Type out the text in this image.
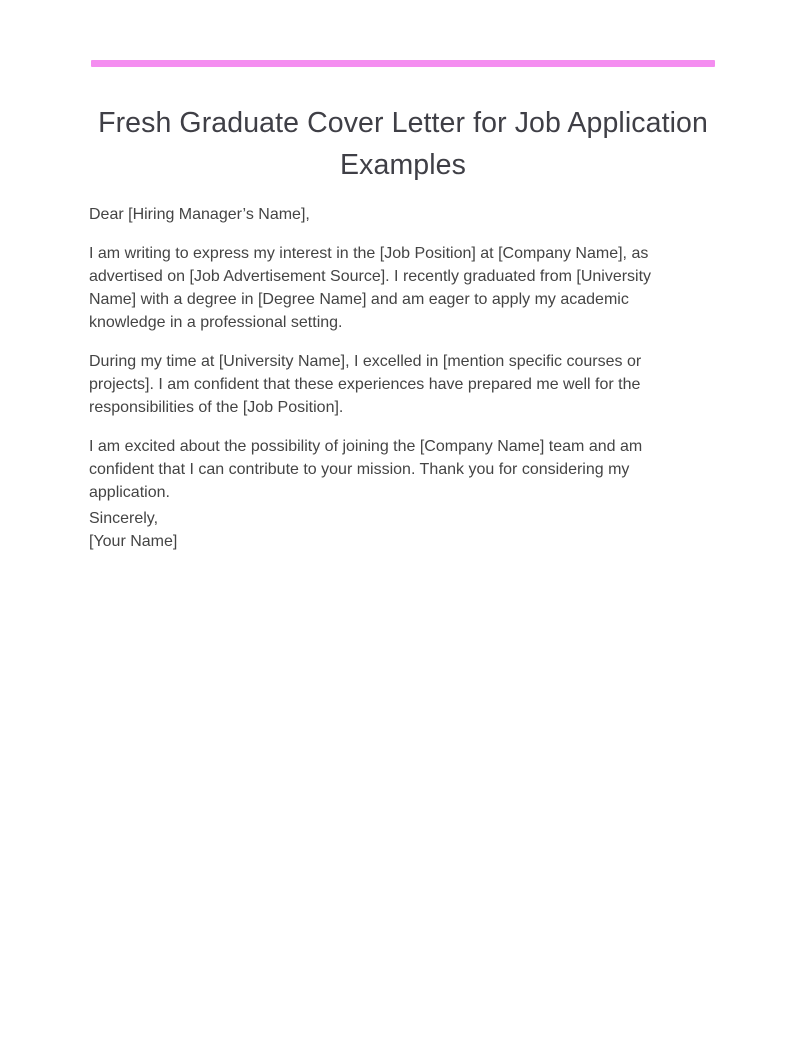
Fresh Graduate Cover Letter for Job Application Examples

Dear [Hiring Manager’s Name],

I am writing to express my interest in the [Job Position] at [Company Name], as advertised on [Job Advertisement Source]. I recently graduated from [University Name] with a degree in [Degree Name] and am eager to apply my academic knowledge in a professional setting.

During my time at [University Name], I excelled in [mention specific courses or projects]. I am confident that these experiences have prepared me well for the responsibilities of the [Job Position].

I am excited about the possibility of joining the [Company Name] team and am confident that I can contribute to your mission. Thank you for considering my application.

Sincerely,
[Your Name]
